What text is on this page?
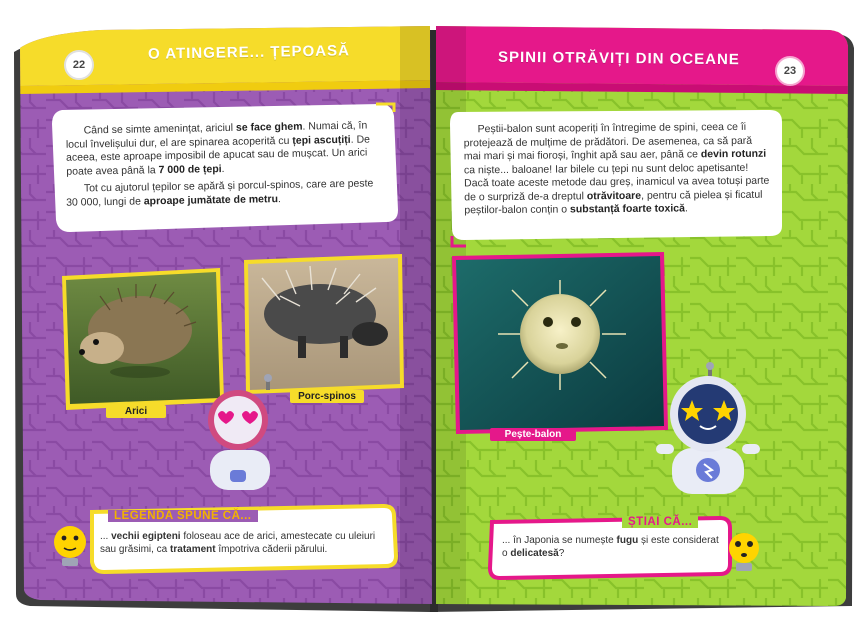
22
O ATINGERE... ȚEPOASĂ	SPINII OTRĂVIȚI DIN OCEANE
23
Când se simte amenințat, ariciul se face ghem. Numai că, în locul învelișului dur, el are spinarea acoperită cu țepi ascuțiți. De aceea, este aproape imposibil de apucat sau de mușcat. Un arici poate avea până la 7 000 de țepi.
Tot cu ajutorul țepilor se apără și porcul-spinos, care are peste 30 000, lungi de aproape jumătate de metru.
Peștii-balon sunt acoperiți în întregime de spini, ceea ce îi protejează de mulțime de prădători. De asemenea, ca să pară mai mari și mai fioroși, înghit apă sau aer, până ce devin rotunzi ca niște... baloane! Iar bilele cu țepi nu sunt deloc apetisante! Dacă toate aceste metode dau greș, inamicul va avea totuși parte de o surpriză de-a dreptul otrăvitoare, pentru că pielea și ficatul peștilor-balon conțin o substanță foarte toxică.
Arici
Porc-spinos
Pește-balon
LEGENDA SPUNE CĂ...
... vechii egipteni foloseau ace de arici, amestecate cu uleiuri sau grăsimi, ca tratament împotriva căderii părului.
ȘTIAI CĂ...
... în Japonia se numește fugu și este considerat o delicatesă?
